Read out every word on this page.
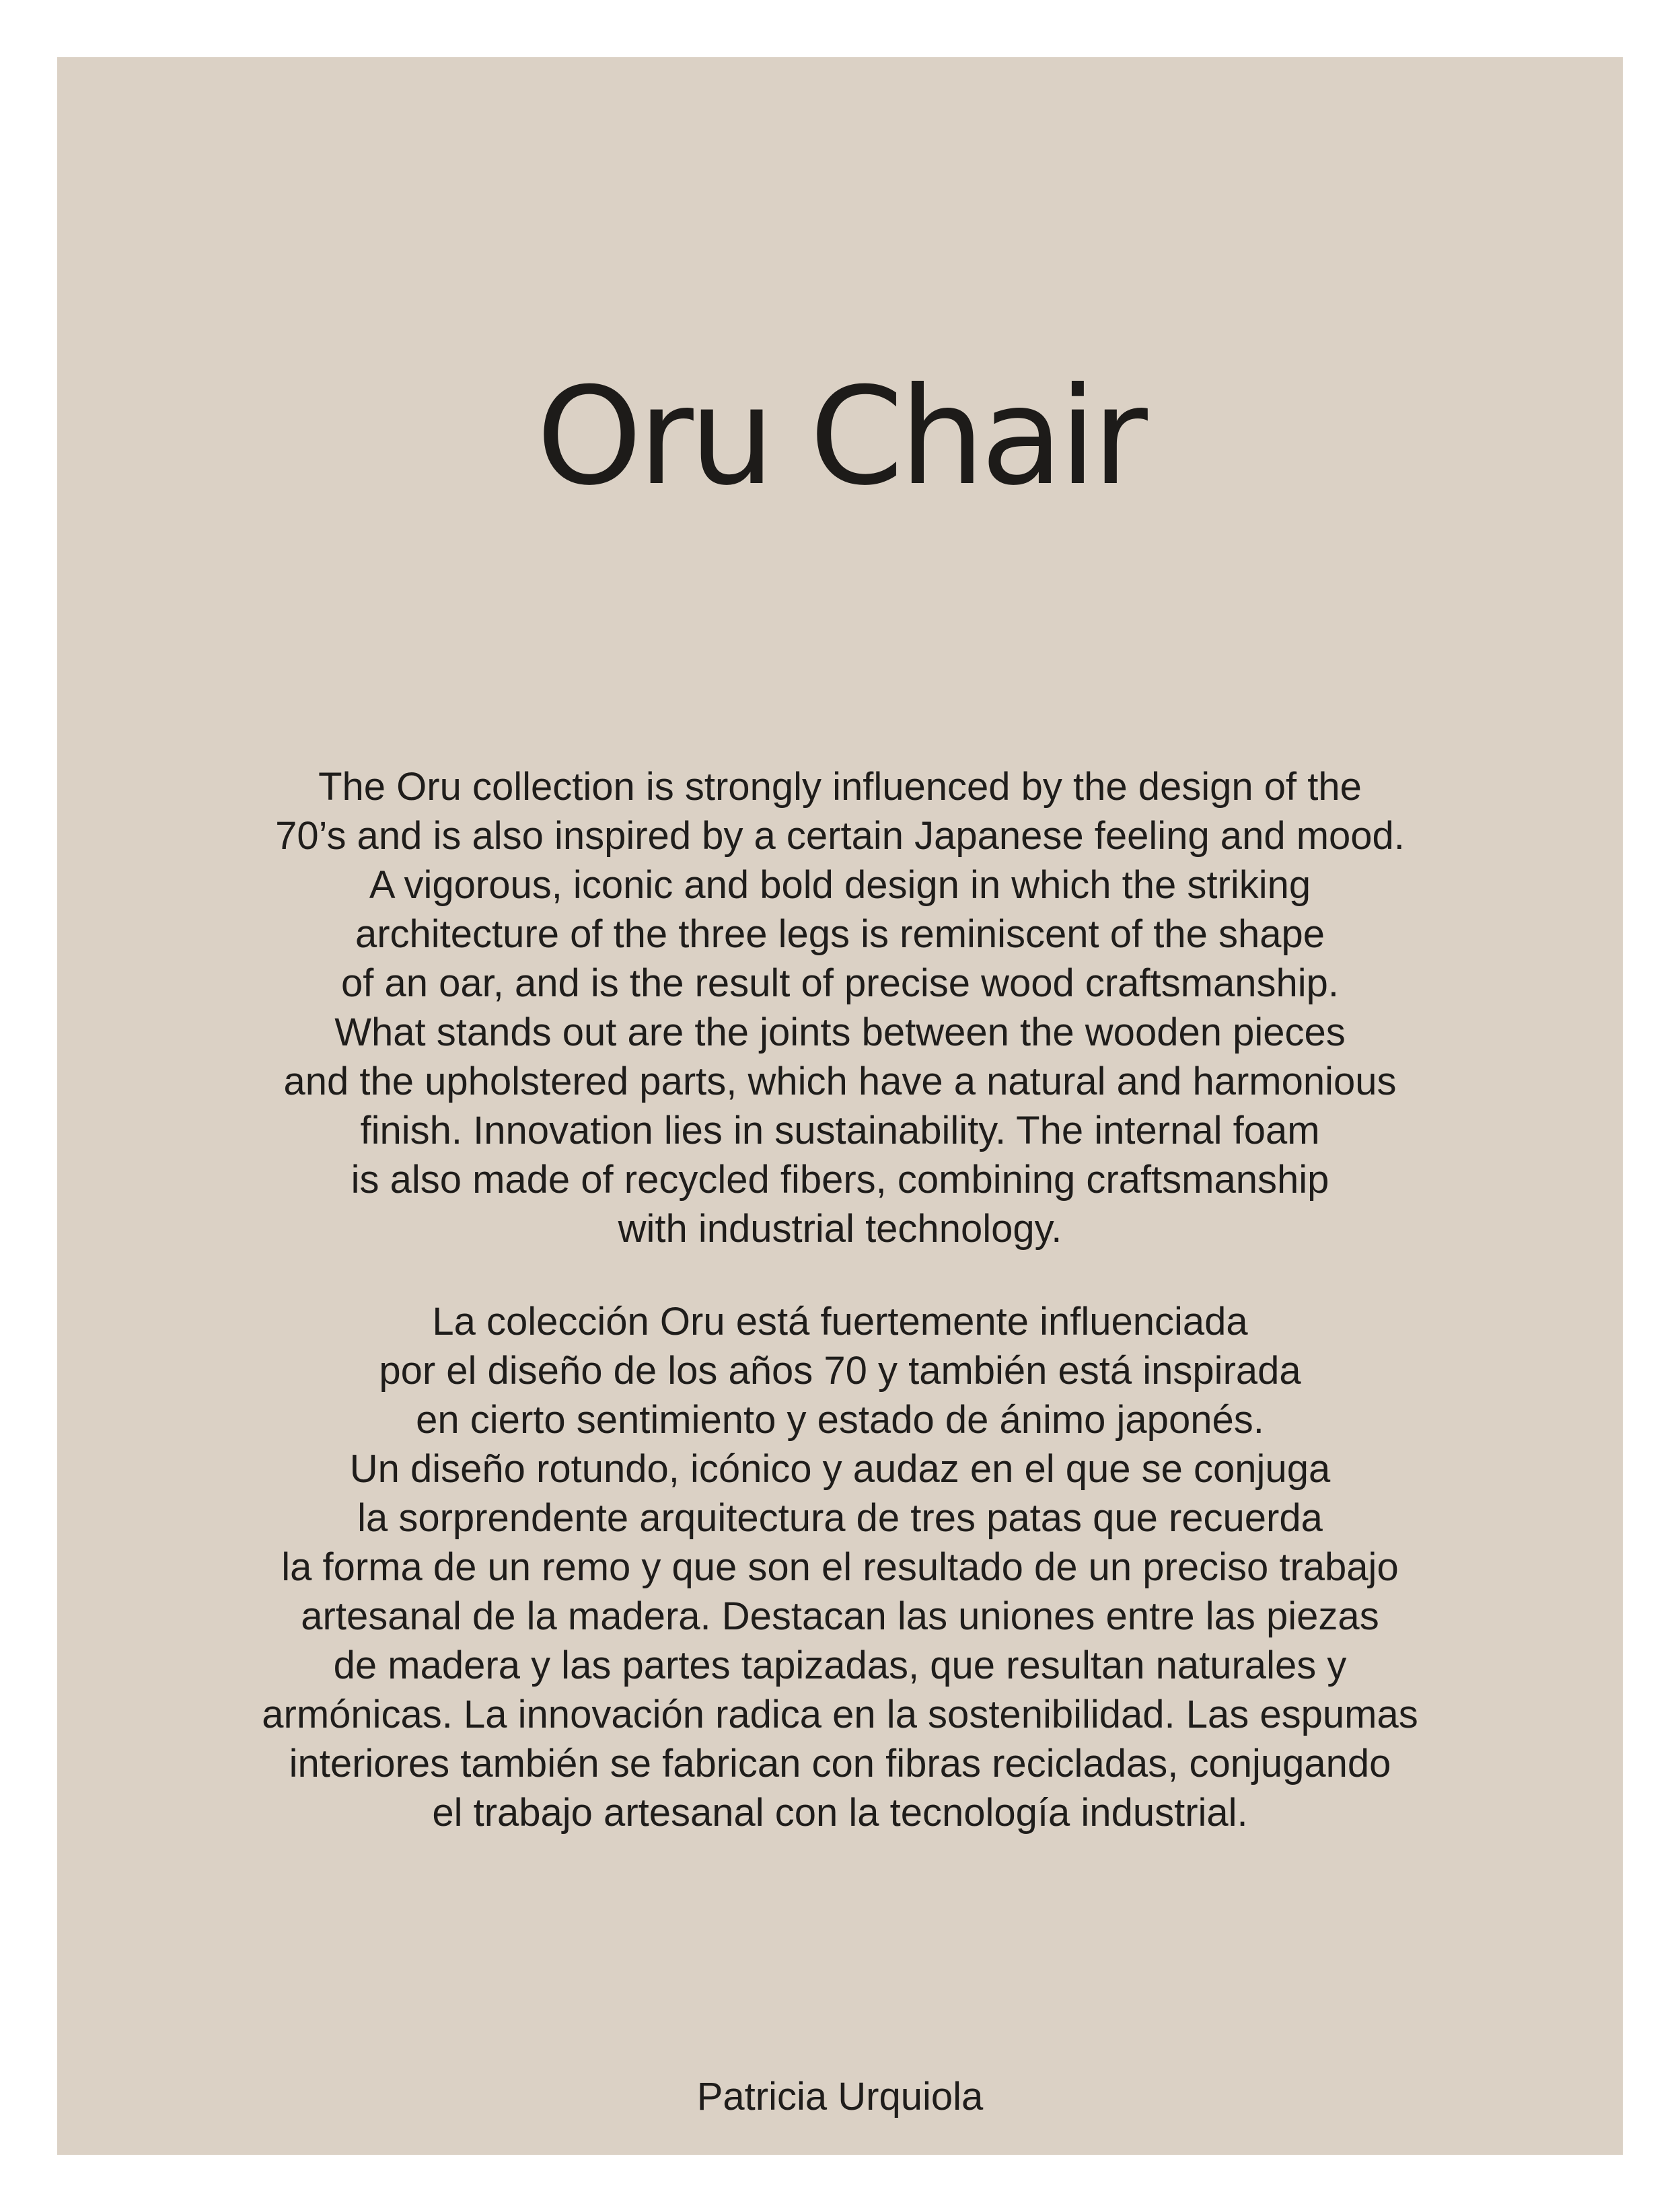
Oru Chair

The Oru collection is strongly influenced by the design of the
70’s and is also inspired by a certain Japanese feeling and mood.
A vigorous, iconic and bold design in which the striking
architecture of the three legs is reminiscent of the shape
of an oar, and is the result of precise wood craftsmanship.
What stands out are the joints between the wooden pieces
and the upholstered parts, which have a natural and harmonious
finish. Innovation lies in sustainability. The internal foam
is also made of recycled fibers, combining craftsmanship
with industrial technology.

La colección Oru está fuertemente influenciada
por el diseño de los años 70 y también está inspirada
en cierto sentimiento y estado de ánimo japonés.
Un diseño rotundo, icónico y audaz en el que se conjuga
la sorprendente arquitectura de tres patas que recuerda
la forma de un remo y que son el resultado de un preciso trabajo
artesanal de la madera. Destacan las uniones entre las piezas
de madera y las partes tapizadas, que resultan naturales y
armónicas. La innovación radica en la sostenibilidad. Las espumas
interiores también se fabrican con fibras recicladas, conjugando
el trabajo artesanal con la tecnología industrial.

Patricia Urquiola
